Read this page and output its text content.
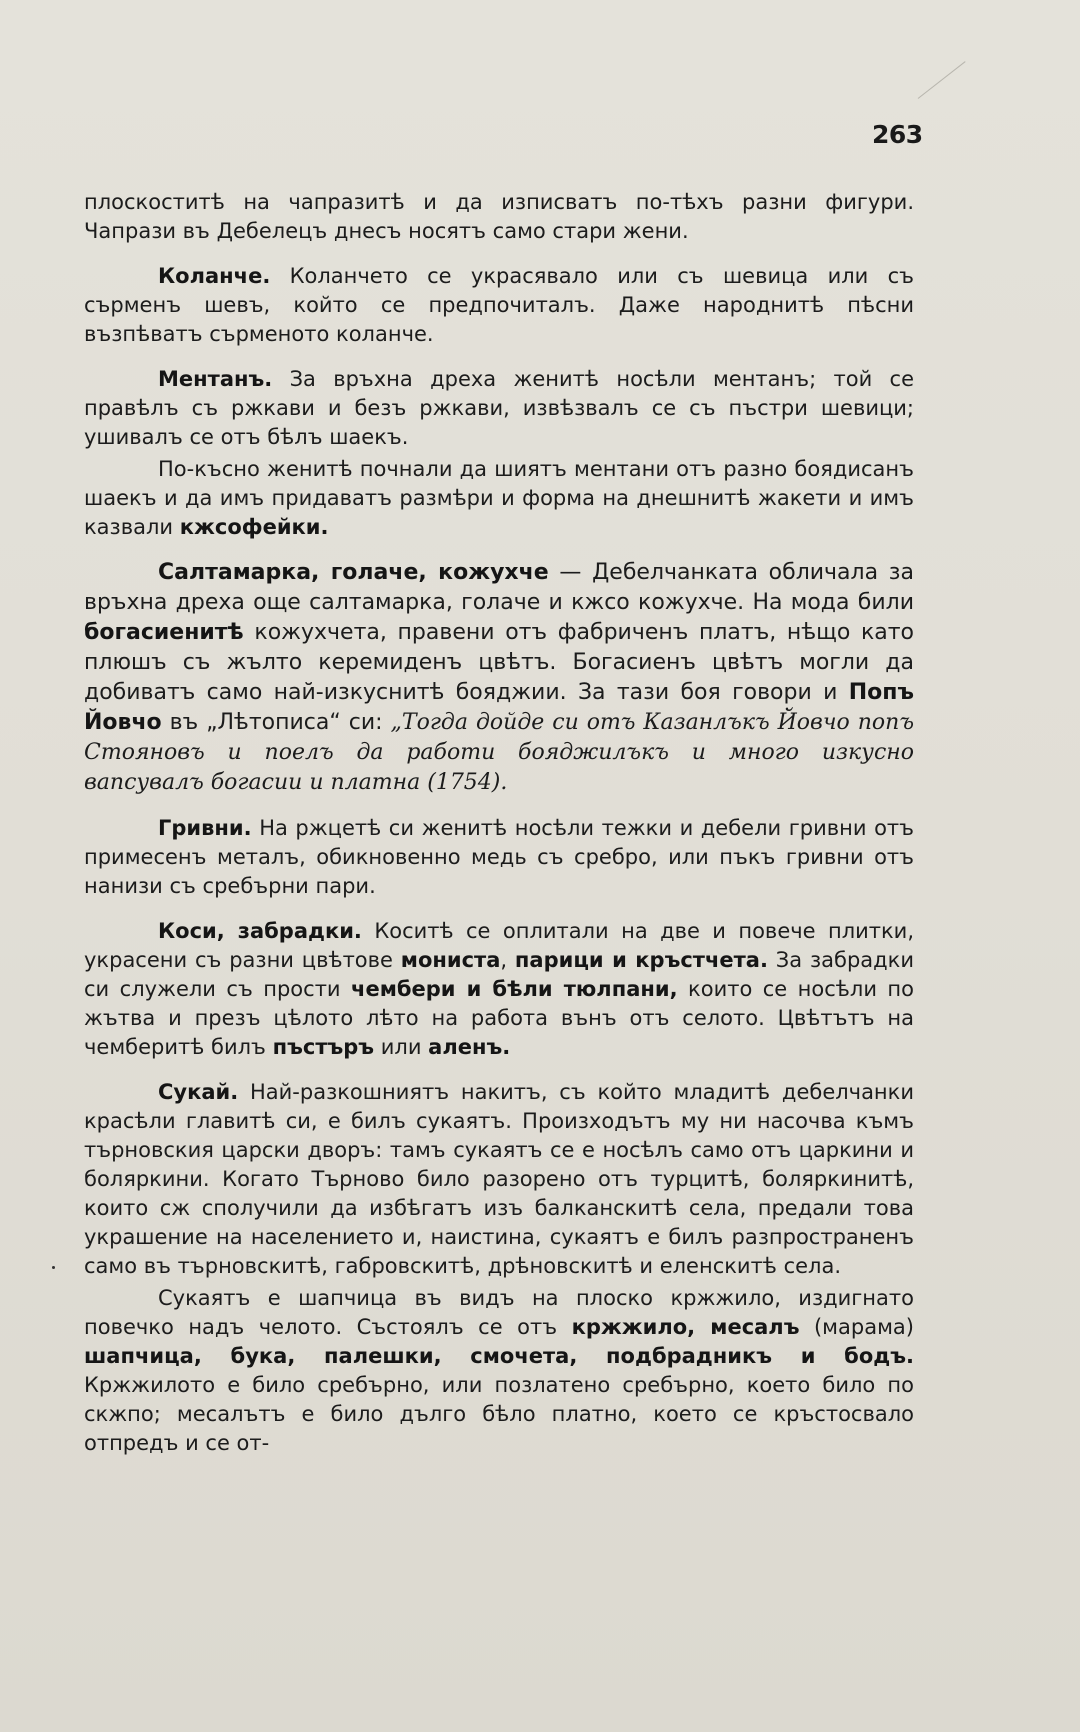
263

плоскоститѣ на чапразитѣ и да изписватъ по-тѣхъ разни фигури. Чапрази въ Дебелецъ днесъ носятъ само стари жени.

Коланче. Коланчето се украсявало или съ шевица или съ сърменъ шевъ, който се предпочиталъ. Даже народнитѣ пѣсни възпѣватъ сърменото коланче.

Ментанъ. За връхна дреха женитѣ носѣли ментанъ; той се правѣлъ съ ржкави и безъ ржкави, извѣзвалъ се съ пъстри шевици; ушивалъ се отъ бѣлъ шаекъ.

По-късно женитѣ почнали да шиятъ ментани отъ разно боядисанъ шаекъ и да имъ придаватъ размѣри и форма на днешнитѣ жакети и имъ казвали кжсофейки.

Салтамарка, голаче, кожухче — Дебелчанката обличала за връхна дреха още салтамарка, голаче и кжсо кожухче. На мода били богасиенитѣ кожухчета, правени отъ фабриченъ платъ, нѣщо като плюшъ съ жълто керемиденъ цвѣтъ. Богасиенъ цвѣтъ могли да добиватъ само най-изкуснитѣ бояджии. За тази боя говори и Попъ Йовчо въ „Лѣтописа“ си: „Тогда дойде си отъ Казанлъкъ Йовчо попъ Стояновъ и поелъ да работи бояджилъкъ и много изкусно вапсувалъ богасии и платна (1754).

Гривни. На ржцетѣ си женитѣ носѣли тежки и дебели гривни отъ примесенъ металъ, обикновенно медь съ сребро, или пъкъ гривни отъ нанизи съ сребърни пари.

Коси, забрадки. Коситѣ се оплитали на две и повече плитки, украсени съ разни цвѣтове мониста, парици и кръстчета. За забрадки си служели съ прости чембери и бѣли тюлпани, които се носѣли по жътва и презъ цѣлото лѣто на работа вънъ отъ селото. Цвѣтътъ на чемберитѣ билъ пъстъръ или аленъ.

Сукай. Най-разкошниятъ накитъ, съ който младитѣ дебелчанки красѣли главитѣ си, е билъ сукаятъ. Произходътъ му ни насочва къмъ търновския царски дворъ: тамъ сукаятъ се е носѣлъ само отъ царкини и боляркини. Когато Търново било разорено отъ турцитѣ, боляркинитѣ, които сж сполучили да избѣгатъ изъ балканскитѣ села, предали това украшение на населението и, наистина, сукаятъ е билъ разпространенъ само въ търновскитѣ, габровскитѣ, дрѣновскитѣ и еленскитѣ села.

Сукаятъ е шапчица въ видъ на плоско кржжило, издигнато повечко надъ челото. Състоялъ се отъ кржжило, месалъ (марама) шапчица, бука, палешки, смочета, подбрадникъ и бодъ. Кржжилото е било сребърно, или позлатено сребърно, което било по скжпо; месалътъ е било дълго бѣло платно, което се кръстосвало отпредъ и се от-
